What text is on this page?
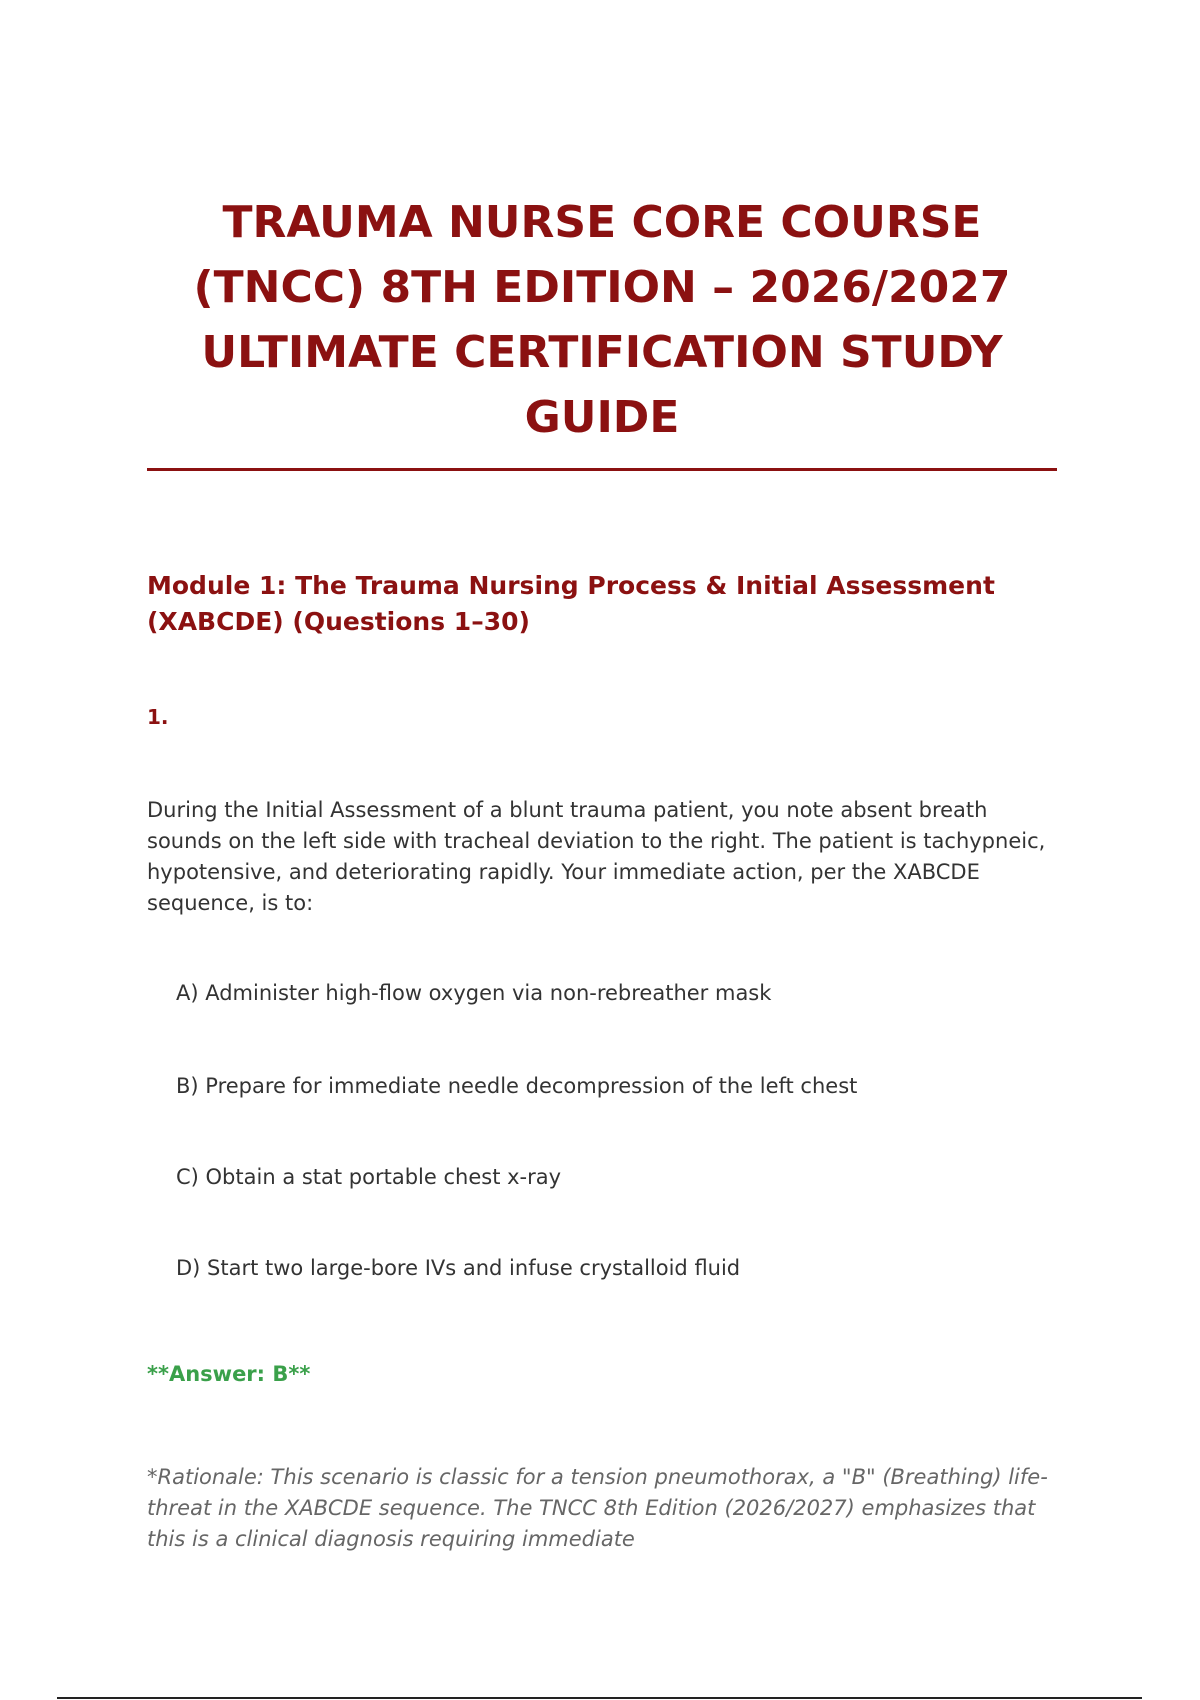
TRAUMA NURSE CORE COURSE (TNCC) 8TH EDITION – 2026/2027 ULTIMATE CERTIFICATION STUDY GUIDE
Module 1: The Trauma Nursing Process & Initial Assessment (XABCDE) (Questions 1–30)
1.

During the Initial Assessment of a blunt trauma patient, you note absent breath sounds on the left side with tracheal deviation to the right. The patient is tachypneic, hypotensive, and deteriorating rapidly. Your immediate action, per the XABCDE sequence, is to:

A) Administer high-flow oxygen via non-rebreather mask
B) Prepare for immediate needle decompression of the left chest
C) Obtain a stat portable chest x-ray
D) Start two large-bore IVs and infuse crystalloid fluid
**Answer: B**

*Rationale: This scenario is classic for a tension pneumothorax, a "B" (Breathing) life-threat in the XABCDE sequence. The TNCC 8th Edition (2026/2027) emphasizes that this is a clinical diagnosis requiring immediate
